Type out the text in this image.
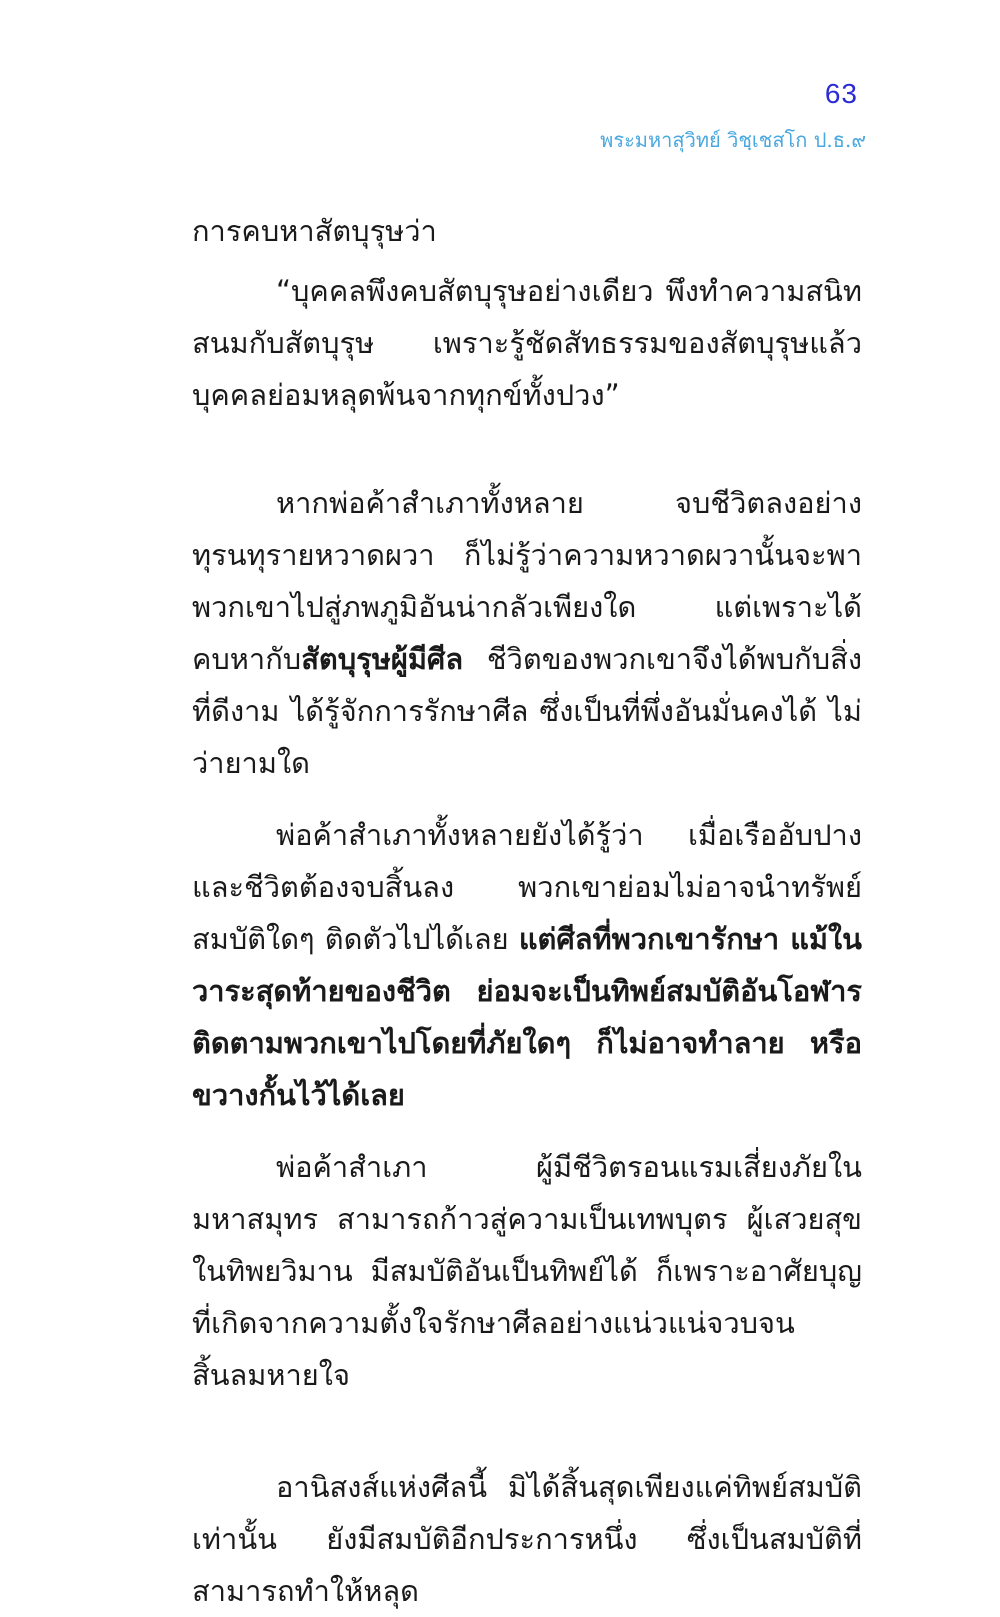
63
พระมหาสุวิทย์ วิชฺเชสโก ป.ธ.๙

การคบหาสัตบุรุษว่า

“บุคคลพึงคบสัตบุรุษอย่างเดียว พึงทำความสนิทสนมกับสัตบุรุษ เพราะรู้ชัดสัทธรรมของสัตบุรุษแล้ว บุคคลย่อมหลุดพ้นจากทุกข์ทั้งปวง”

หากพ่อค้าสำเภาทั้งหลาย จบชีวิตลงอย่างทุรนทุรายหวาดผวา ก็ไม่รู้ว่าความหวาดผวานั้นจะพาพวกเขาไปสู่ภพภูมิอันน่ากลัวเพียงใด แต่เพราะได้คบหากับสัตบุรุษผู้มีศีล ชีวิตของพวกเขาจึงได้พบกับสิ่งที่ดีงาม ได้รู้จักการรักษาศีล ซึ่งเป็นที่พึ่งอันมั่นคงได้ ไม่ว่ายามใด

พ่อค้าสำเภาทั้งหลายยังได้รู้ว่า เมื่อเรืออับปาง และชีวิตต้องจบสิ้นลง พวกเขาย่อมไม่อาจนำทรัพย์สมบัติใดๆ ติดตัวไปได้เลย แต่ศีลที่พวกเขารักษา แม้ในวาระสุดท้ายของชีวิต ย่อมจะเป็นทิพย์สมบัติอันโอฬารติดตามพวกเขาไปโดยที่ภัยใดๆ ก็ไม่อาจทำลาย หรือขวางกั้นไว้ได้เลย

พ่อค้าสำเภา ผู้มีชีวิตรอนแรมเสี่ยงภัยในมหาสมุทร สามารถก้าวสู่ความเป็นเทพบุตร ผู้เสวยสุขในทิพยวิมาน มีสมบัติอันเป็นทิพย์ได้ ก็เพราะอาศัยบุญที่เกิดจากความตั้งใจรักษาศีลอย่างแน่วแน่จวบจนสิ้นลมหายใจ

อานิสงส์แห่งศีลนี้ มิได้สิ้นสุดเพียงแค่ทิพย์สมบัติเท่านั้น ยังมีสมบัติอีกประการหนึ่ง ซึ่งเป็นสมบัติที่สามารถทำให้หลุด
